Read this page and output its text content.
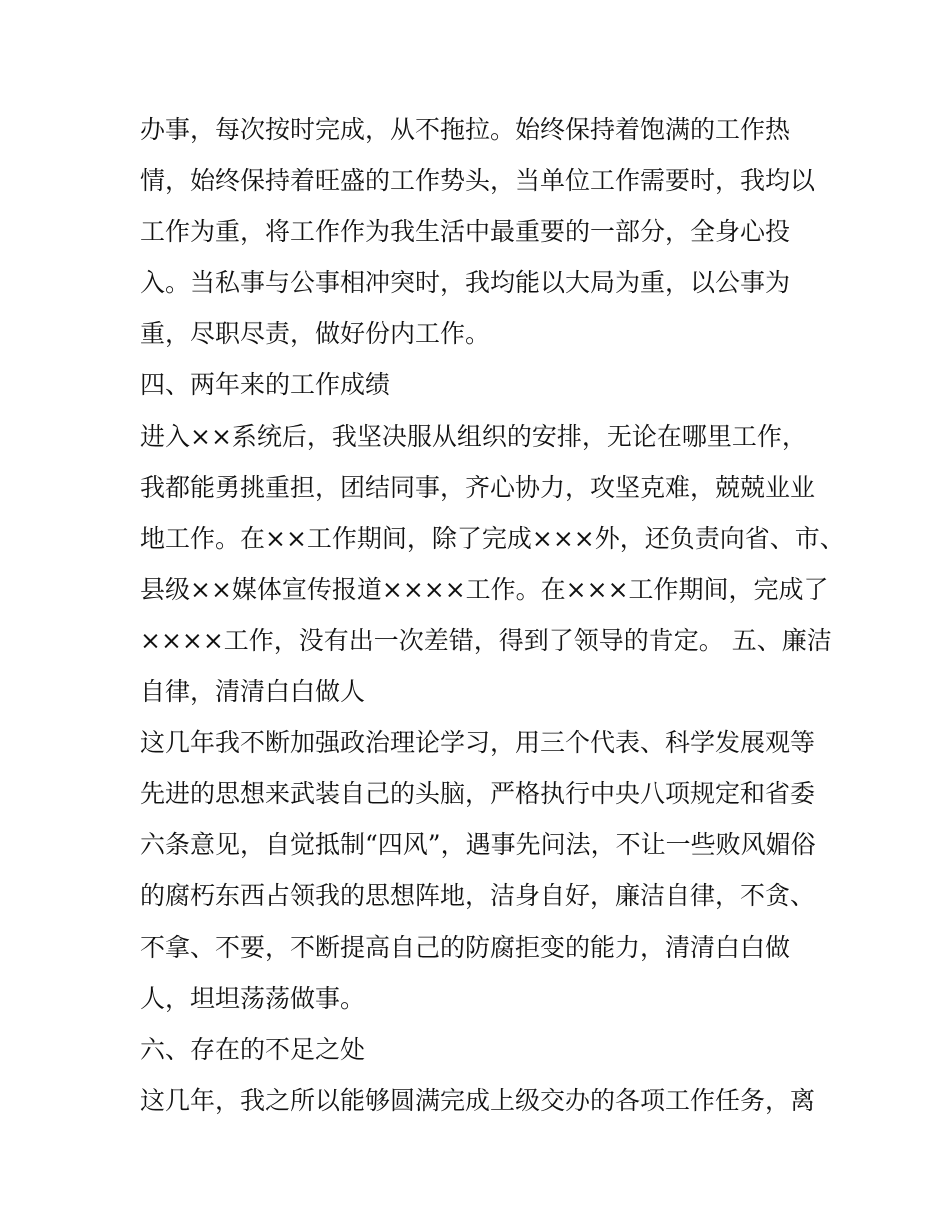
办事，每次按时完成，从不拖拉。始终保持着饱满的工作热
情，始终保持着旺盛的工作势头，当单位工作需要时，我均以
工作为重，将工作作为我生活中最重要的一部分，全身心投
入。当私事与公事相冲突时，我均能以大局为重，以公事为
重，尽职尽责，做好份内工作。
四、两年来的工作成绩
进入××系统后，我坚决服从组织的安排，无论在哪里工作，
我都能勇挑重担，团结同事，齐心协力，攻坚克难，兢兢业业
地工作。在××工作期间，除了完成×××外，还负责向省、市、
县级××媒体宣传报道××××工作。在×××工作期间，完成了
××××工作，没有出一次差错，得到了领导的肯定。 五、廉洁
自律，清清白白做人
这几年我不断加强政治理论学习，用三个代表、科学发展观等
先进的思想来武装自己的头脑，严格执行中央八项规定和省委
六条意见，自觉抵制“四风”，遇事先问法，不让一些败风媚俗
的腐朽东西占领我的思想阵地，洁身自好，廉洁自律，不贪、
不拿、不要，不断提高自己的防腐拒变的能力，清清白白做
人，坦坦荡荡做事。
六、存在的不足之处
这几年，我之所以能够圆满完成上级交办的各项工作任务，离
